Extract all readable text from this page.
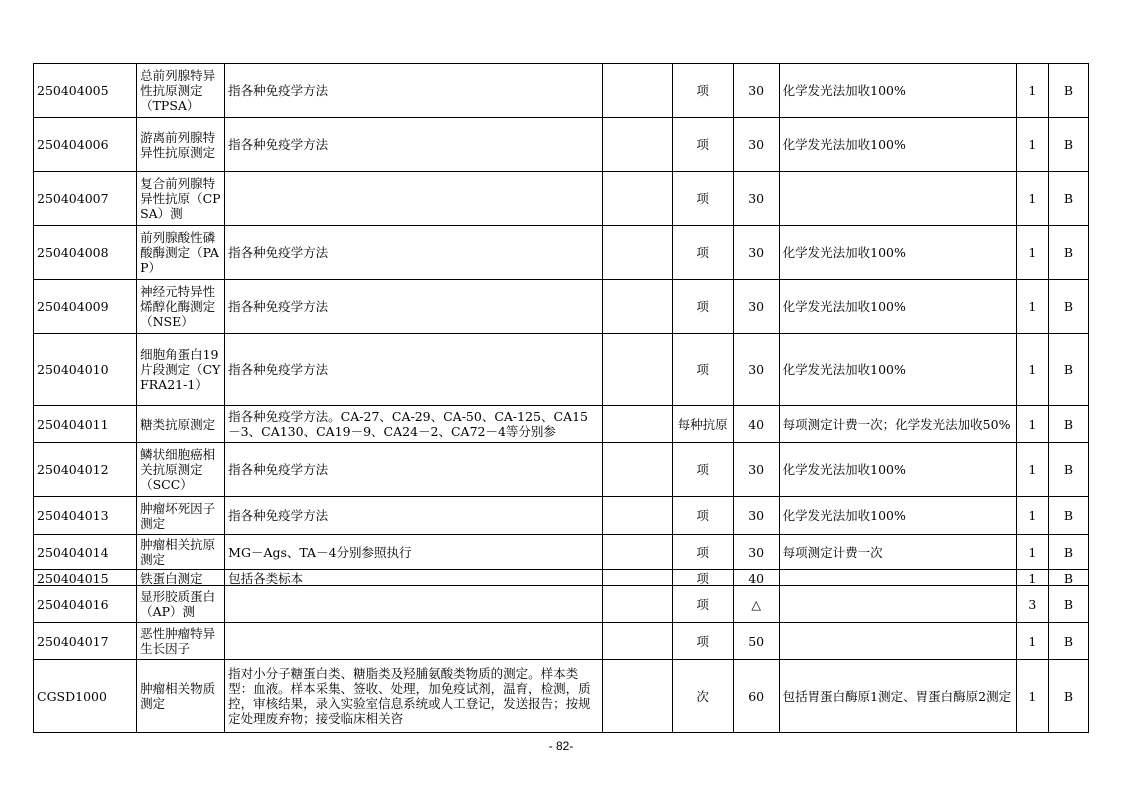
250404005	总前列腺特异性抗原测定（TPSA）	指各种免疫学方法		项	30	化学发光法加收100%	1	B

250404006	游离前列腺特异性抗原测定	指各种免疫学方法		项	30	化学发光法加收100%	1	B

250404007	复合前列腺特异性抗原（CPSA）测			项	30		1	B

250404008	前列腺酸性磷酸酶测定（PAP）	指各种免疫学方法		项	30	化学发光法加收100%	1	B

250404009	神经元特异性烯醇化酶测定（NSE）	指各种免疫学方法		项	30	化学发光法加收100%	1	B

250404010	细胞角蛋白19片段测定（CYFRA21-1）	指各种免疫学方法		项	30	化学发光法加收100%	1	B

250404011	糖类抗原测定	指各种免疫学方法。CA-27、CA-29、CA-50、CA-125、CA15－3、CA130、CA19－9、CA24－2、CA72－4等分别参		每种抗原	40	每项测定计费一次；化学发光法加收50%	1	B

250404012	鳞状细胞癌相关抗原测定（SCC）	指各种免疫学方法		项	30	化学发光法加收100%	1	B

250404013	肿瘤坏死因子测定	指各种免疫学方法		项	30	化学发光法加收100%	1	B

250404014	肿瘤相关抗原测定	MG－Ags、TA－4分别参照执行		项	30	每项测定计费一次	1	B

250404015	铁蛋白测定	包括各类标本		项	40		1	B

250404016	显形胶质蛋白（AP）测			项	△		3	B

250404017	恶性肿瘤特异生长因子			项	50		1	B

CGSD1000	肿瘤相关物质测定	指对小分子糖蛋白类、糖脂类及羟脯氨酸类物质的测定。样本类型：血液。样本采集、签收、处理，加免疫试剂，温育，检测，质控，审核结果，录入实验室信息系统或人工登记，发送报告；按规定处理废弃物；接受临床相关咨		次	60	包括胃蛋白酶原1测定、胃蛋白酶原2测定	1	B
- 82-
